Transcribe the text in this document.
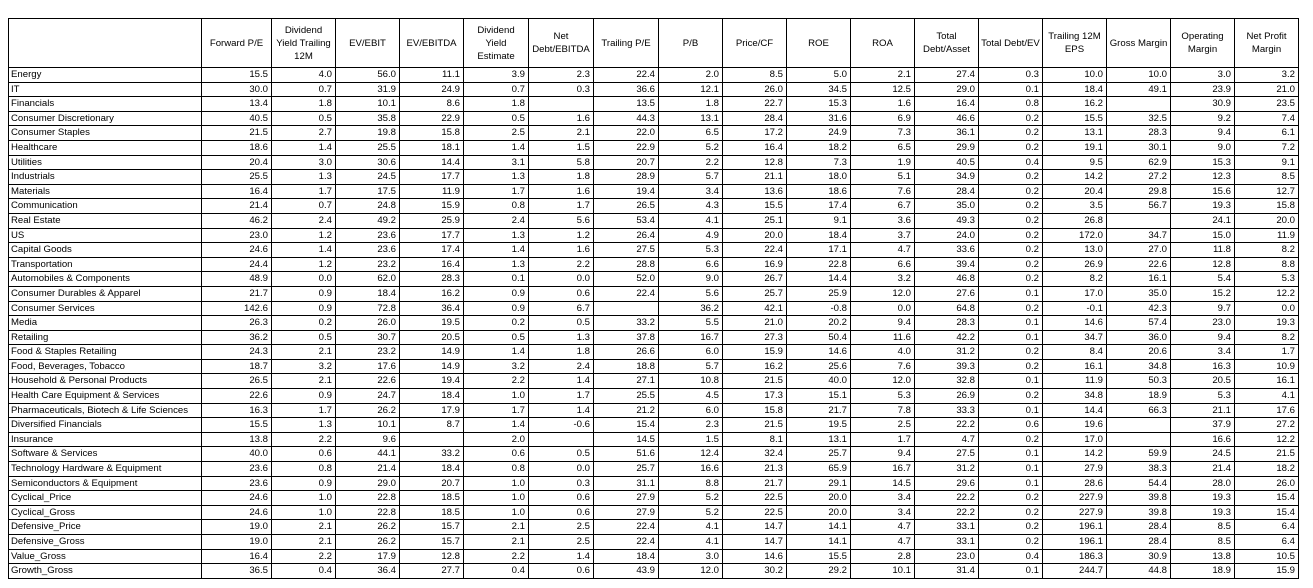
	Forward P/E	Dividend Yield Trailing 12M	EV/EBIT	EV/EBITDA	Dividend Yield Estimate	Net Debt/EBITDA	Trailing P/E	P/B	Price/CF	ROE	ROA	Total Debt/Asset	Total Debt/EV	Trailing 12M EPS	Gross Margin	Operating Margin	Net Profit Margin
Energy	15.5	4.0	56.0	11.1	3.9	2.3	22.4	2.0	8.5	5.0	2.1	27.4	0.3	10.0	10.0	3.0	3.2
IT	30.0	0.7	31.9	24.9	0.7	0.3	36.6	12.1	26.0	34.5	12.5	29.0	0.1	18.4	49.1	23.9	21.0
Financials	13.4	1.8	10.1	8.6	1.8		13.5	1.8	22.7	15.3	1.6	16.4	0.8	16.2		30.9	23.5
Consumer Discretionary	40.5	0.5	35.8	22.9	0.5	1.6	44.3	13.1	28.4	31.6	6.9	46.6	0.2	15.5	32.5	9.2	7.4
Consumer Staples	21.5	2.7	19.8	15.8	2.5	2.1	22.0	6.5	17.2	24.9	7.3	36.1	0.2	13.1	28.3	9.4	6.1
Healthcare	18.6	1.4	25.5	18.1	1.4	1.5	22.9	5.2	16.4	18.2	6.5	29.9	0.2	19.1	30.1	9.0	7.2
Utilities	20.4	3.0	30.6	14.4	3.1	5.8	20.7	2.2	12.8	7.3	1.9	40.5	0.4	9.5	62.9	15.3	9.1
Industrials	25.5	1.3	24.5	17.7	1.3	1.8	28.9	5.7	21.1	18.0	5.1	34.9	0.2	14.2	27.2	12.3	8.5
Materials	16.4	1.7	17.5	11.9	1.7	1.6	19.4	3.4	13.6	18.6	7.6	28.4	0.2	20.4	29.8	15.6	12.7
Communication	21.4	0.7	24.8	15.9	0.8	1.7	26.5	4.3	15.5	17.4	6.7	35.0	0.2	3.5	56.7	19.3	15.8
Real Estate	46.2	2.4	49.2	25.9	2.4	5.6	53.4	4.1	25.1	9.1	3.6	49.3	0.2	26.8		24.1	20.0
US	23.0	1.2	23.6	17.7	1.3	1.2	26.4	4.9	20.0	18.4	3.7	24.0	0.2	172.0	34.7	15.0	11.9
Capital Goods	24.6	1.4	23.6	17.4	1.4	1.6	27.5	5.3	22.4	17.1	4.7	33.6	0.2	13.0	27.0	11.8	8.2
Transportation	24.4	1.2	23.2	16.4	1.3	2.2	28.8	6.6	16.9	22.8	6.6	39.4	0.2	26.9	22.6	12.8	8.8
Automobiles & Components	48.9	0.0	62.0	28.3	0.1	0.0	52.0	9.0	26.7	14.4	3.2	46.8	0.2	8.2	16.1	5.4	5.3
Consumer Durables & Apparel	21.7	0.9	18.4	16.2	0.9	0.6	22.4	5.6	25.7	25.9	12.0	27.6	0.1	17.0	35.0	15.2	12.2
Consumer Services	142.6	0.9	72.8	36.4	0.9	6.7		36.2	42.1	-0.8	0.0	64.8	0.2	-0.1	42.3	9.7	0.0
Media	26.3	0.2	26.0	19.5	0.2	0.5	33.2	5.5	21.0	20.2	9.4	28.3	0.1	14.6	57.4	23.0	19.3
Retailing	36.2	0.5	30.7	20.5	0.5	1.3	37.8	16.7	27.3	50.4	11.6	42.2	0.1	34.7	36.0	9.4	8.2
Food & Staples Retailing	24.3	2.1	23.2	14.9	1.4	1.8	26.6	6.0	15.9	14.6	4.0	31.2	0.2	8.4	20.6	3.4	1.7
Food, Beverages, Tobacco	18.7	3.2	17.6	14.9	3.2	2.4	18.8	5.7	16.2	25.6	7.6	39.3	0.2	16.1	34.8	16.3	10.9
Household & Personal Products	26.5	2.1	22.6	19.4	2.2	1.4	27.1	10.8	21.5	40.0	12.0	32.8	0.1	11.9	50.3	20.5	16.1
Health Care Equipment & Services	22.6	0.9	24.7	18.4	1.0	1.7	25.5	4.5	17.3	15.1	5.3	26.9	0.2	34.8	18.9	5.3	4.1
Pharmaceuticals, Biotech & Life Sciences	16.3	1.7	26.2	17.9	1.7	1.4	21.2	6.0	15.8	21.7	7.8	33.3	0.1	14.4	66.3	21.1	17.6
Diversified Financials	15.5	1.3	10.1	8.7	1.4	-0.6	15.4	2.3	21.5	19.5	2.5	22.2	0.6	19.6		37.9	27.2
Insurance	13.8	2.2	9.6		2.0		14.5	1.5	8.1	13.1	1.7	4.7	0.2	17.0		16.6	12.2
Software & Services	40.0	0.6	44.1	33.2	0.6	0.5	51.6	12.4	32.4	25.7	9.4	27.5	0.1	14.2	59.9	24.5	21.5
Technology Hardware & Equipment	23.6	0.8	21.4	18.4	0.8	0.0	25.7	16.6	21.3	65.9	16.7	31.2	0.1	27.9	38.3	21.4	18.2
Semiconductors & Equipment	23.6	0.9	29.0	20.7	1.0	0.3	31.1	8.8	21.7	29.1	14.5	29.6	0.1	28.6	54.4	28.0	26.0
Cyclical_Price	24.6	1.0	22.8	18.5	1.0	0.6	27.9	5.2	22.5	20.0	3.4	22.2	0.2	227.9	39.8	19.3	15.4
Cyclical_Gross	24.6	1.0	22.8	18.5	1.0	0.6	27.9	5.2	22.5	20.0	3.4	22.2	0.2	227.9	39.8	19.3	15.4
Defensive_Price	19.0	2.1	26.2	15.7	2.1	2.5	22.4	4.1	14.7	14.1	4.7	33.1	0.2	196.1	28.4	8.5	6.4
Defensive_Gross	19.0	2.1	26.2	15.7	2.1	2.5	22.4	4.1	14.7	14.1	4.7	33.1	0.2	196.1	28.4	8.5	6.4
Value_Gross	16.4	2.2	17.9	12.8	2.2	1.4	18.4	3.0	14.6	15.5	2.8	23.0	0.4	186.3	30.9	13.8	10.5
Growth_Gross	36.5	0.4	36.4	27.7	0.4	0.6	43.9	12.0	30.2	29.2	10.1	31.4	0.1	244.7	44.8	18.9	15.9
